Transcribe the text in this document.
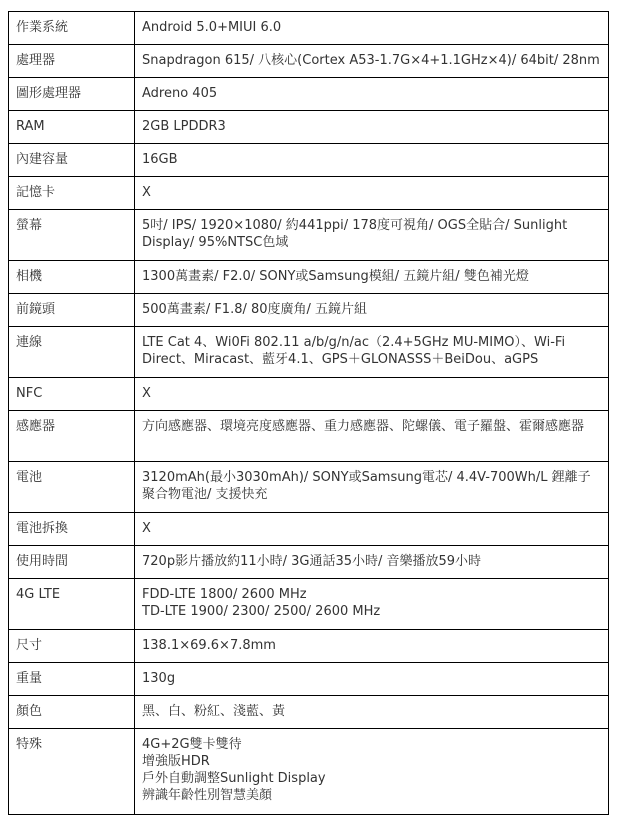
作業系統	Android 5.0+MIUI 6.0
處理器	Snapdragon 615/ 八核心(Cortex A53-1.7G×4+1.1GHz×4)/ 64bit/ 28nm
圖形處理器	Adreno 405
RAM	2GB LPDDR3
內建容量	16GB
記憶卡	X
螢幕	5吋/ IPS/ 1920×1080/ 約441ppi/ 178度可視角/ OGS全貼合/ Sunlight Display/ 95%NTSC色域
相機	1300萬畫素/ F2.0/ SONY或Samsung模組/ 五鏡片組/ 雙色補光燈
前鏡頭	500萬畫素/ F1.8/ 80度廣角/ 五鏡片組
連線	LTE Cat 4、Wi0Fi 802.11 a/b/g/n/ac（2.4+5GHz MU-MIMO）、Wi-Fi Direct、Miracast、藍牙4.1、GPS＋GLONASSS＋BeiDou、aGPS
NFC	X
感應器	方向感應器、環境亮度感應器、重力感應器、陀螺儀、電子羅盤、霍爾感應器
電池	3120mAh(最小3030mAh)/ SONY或Samsung電芯/ 4.4V-700Wh/L 鋰離子聚合物電池/ 支援快充
電池拆換	X
使用時間	720p影片播放約11小時/ 3G通話35小時/ 音樂播放59小時
4G LTE	FDD-LTE 1800/ 2600 MHz
TD-LTE 1900/ 2300/ 2500/ 2600 MHz
尺寸	138.1×69.6×7.8mm
重量	130g
顏色	黑、白、粉紅、淺藍、黃
特殊	4G+2G雙卡雙待
增強版HDR
戶外自動調整Sunlight Display
辨識年齡性別智慧美顏
